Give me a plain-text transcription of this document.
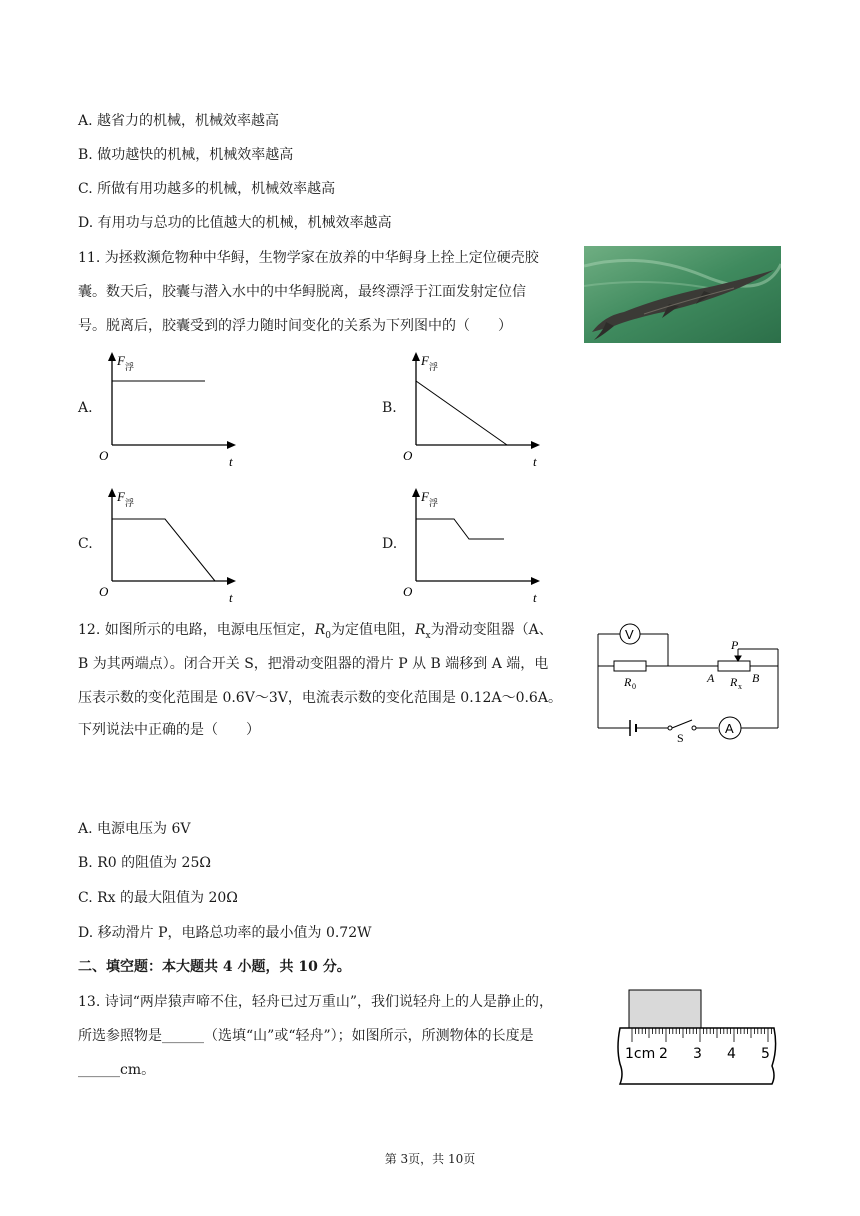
A. 越省力的机械，机械效率越高
B. 做功越快的机械，机械效率越高
C. 所做有用功越多的机械，机械效率越高
D. 有用功与总功的比值越大的机械，机械效率越高
11. 为拯救濒危物种中华鲟，生物学家在放养的中华鲟身上拴上定位硬壳胶
囊。数天后，胶囊与潜入水中的中华鲟脱离，最终漂浮于江面发射定位信
号。脱离后，胶囊受到的浮力随时间变化的关系为下列图中的（　　）
A.	B.
C.	D.
F 浮
O	t
F 浮
O	t
F 浮
O	t
F 浮
O	t
12. 如图所示的电路，电源电压恒定，$R_0$为定值电阻，$R_x$为滑动变阻器（A、
B 为其两端点）。闭合开关 S，把滑动变阻器的滑片 P 从 B 端移到 A 端，电
压表示数的变化范围是 0.6V～3V，电流表示数的变化范围是 0.12A～0.6A。
下列说法中正确的是（　　）
V
A
P
R 0
A R x
B
S
A. 电源电压为 6V
B. R0 的阻值为 25Ω
C. Rx 的最大阻值为 20Ω
D. 移动滑片 P，电路总功率的最小值为 0.72W
二、填空题：本大题共 4 小题，共 10 分。
13. 诗词“两岸猿声啼不住，轻舟已过万重山”，我们说轻舟上的人是静止的，
所选参照物是______（选填“山”或“轻舟”）；如图所示，所测物体的长度是
______cm。
1cm 2 3 4 5
第 3页，共 10页
